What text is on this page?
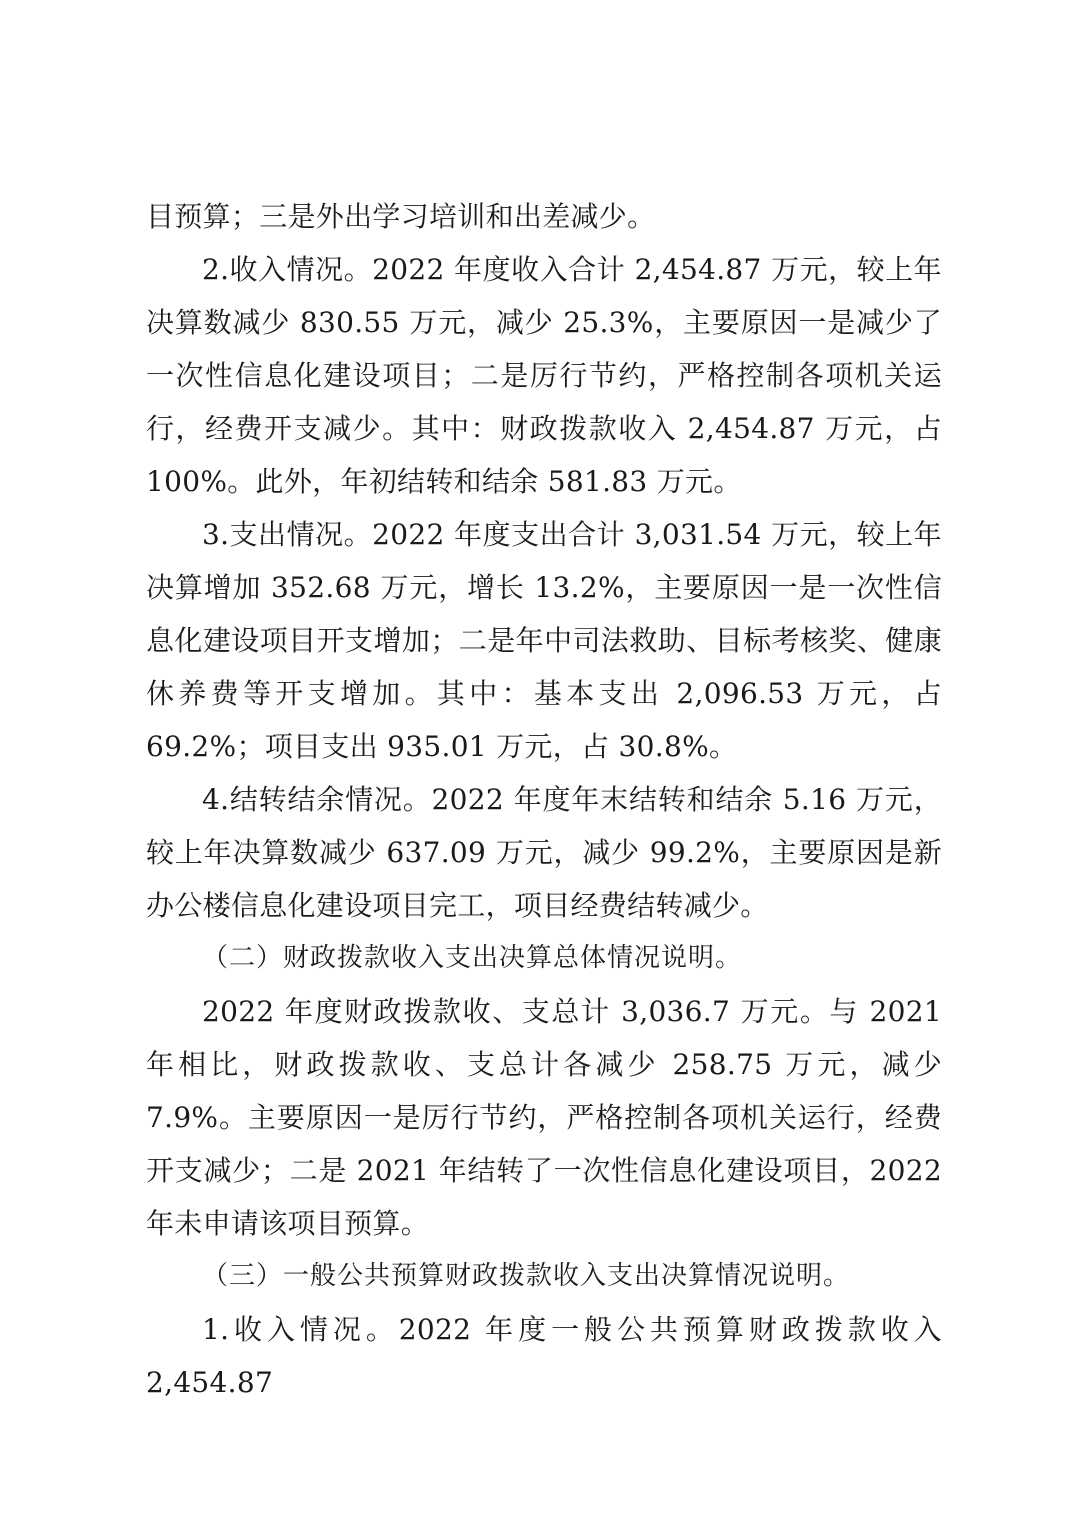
目预算；三是外出学习培训和出差减少。

2.收入情况。2022 年度收入合计 2,454.87 万元，较上年决算数减少 830.55 万元，减少 25.3%，主要原因一是减少了一次性信息化建设项目；二是厉行节约，严格控制各项机关运行，经费开支减少。其中：财政拨款收入 2,454.87 万元，占 100%。此外，年初结转和结余 581.83 万元。

3.支出情况。2022 年度支出合计 3,031.54 万元，较上年决算增加 352.68 万元，增长 13.2%，主要原因一是一次性信息化建设项目开支增加；二是年中司法救助、目标考核奖、健康休养费等开支增加。其中：基本支出 2,096.53 万元，占 69.2%；项目支出 935.01 万元，占 30.8%。

4.结转结余情况。2022 年度年末结转和结余 5.16 万元，较上年决算数减少 637.09 万元，减少 99.2%，主要原因是新办公楼信息化建设项目完工，项目经费结转减少。

（二）财政拨款收入支出决算总体情况说明。

2022 年度财政拨款收、支总计 3,036.7 万元。与 2021 年相比，财政拨款收、支总计各减少 258.75 万元，减少 7.9%。主要原因一是厉行节约，严格控制各项机关运行，经费开支减少；二是 2021 年结转了一次性信息化建设项目，2022 年未申请该项目预算。

（三）一般公共预算财政拨款收入支出决算情况说明。

1.收入情况。2022 年度一般公共预算财政拨款收入 2,454.87
